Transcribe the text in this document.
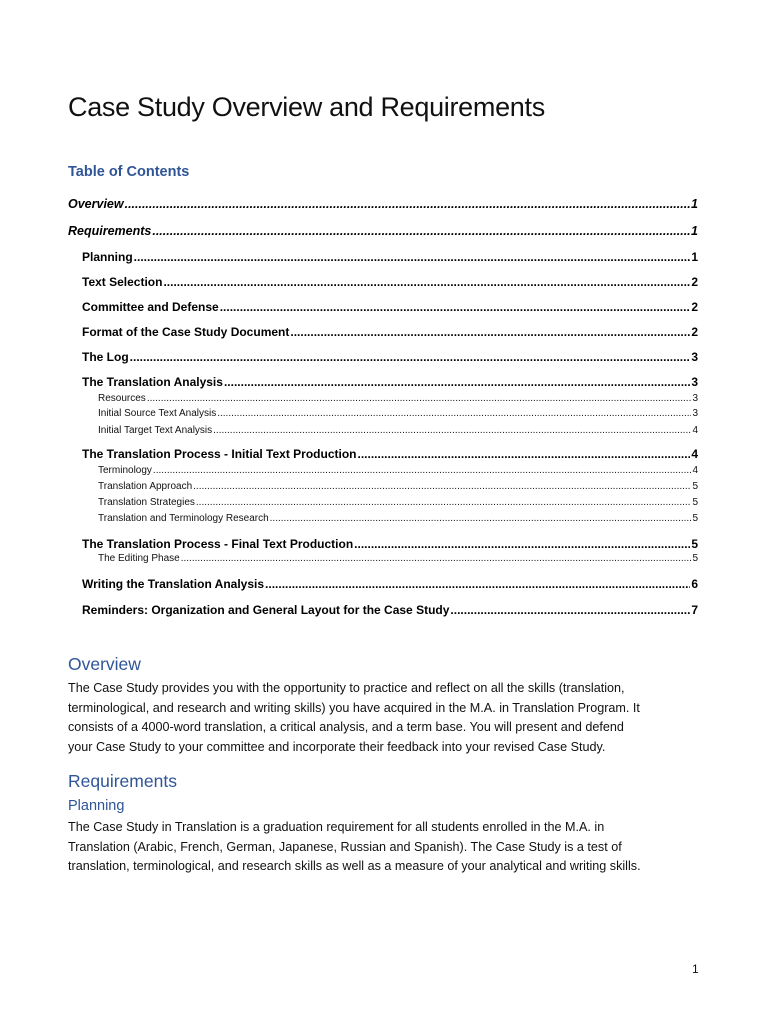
Case Study Overview and Requirements
Table of Contents
Overview .....	1
Requirements .....	1
Planning .....	1
Text Selection .....	2
Committee and Defense .....	2
Format of the Case Study Document .....	2
The Log .....	3
The Translation Analysis .....	3
Resources .....	3
Initial Source Text Analysis .....	3
Initial Target Text Analysis .....	4
The Translation Process - Initial Text Production .....	4
Terminology .....	4
Translation Approach .....	5
Translation Strategies .....	5
Translation and Terminology Research .....	5
The Translation Process - Final Text Production .....	5
The Editing Phase .....	5
Writing the Translation Analysis .....	6
Reminders: Organization and General Layout for the Case Study .....	7
Overview
The Case Study provides you with the opportunity to practice and reflect on all the skills (translation,
terminological, and research and writing skills) you have acquired in the M.A. in Translation Program. It
consists of a 4000-word translation, a critical analysis, and a term base. You will present and defend
your Case Study to your committee and incorporate their feedback into your revised Case Study.
Requirements
Planning
The Case Study in Translation is a graduation requirement for all students enrolled in the M.A. in
Translation (Arabic, French, German, Japanese, Russian and Spanish). The Case Study is a test of
translation, terminological, and research skills as well as a measure of your analytical and writing skills.
1
